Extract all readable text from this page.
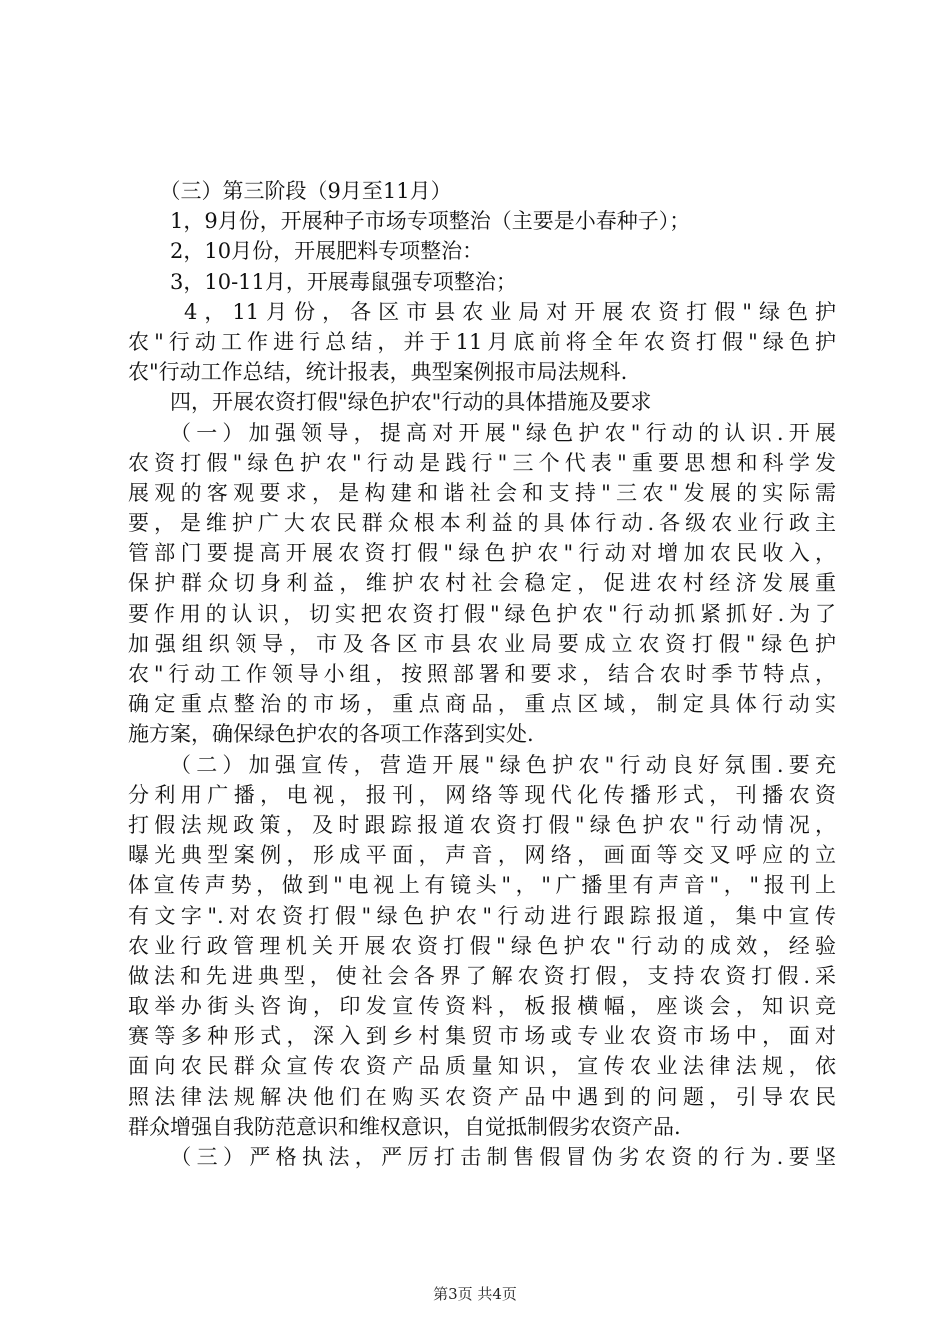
　　（三）第三阶段（9月至11月）
　　1，9月份，开展种子市场专项整治（主要是小春种子）；
　　2，10月份，开展肥料专项整治：
　　3，10-11月，开展毒鼠强专项整治；
　　4，11月份，各区市县农业局对开展农资打假"绿色护
农"行动工作进行总结，并于11月底前将全年农资打假"绿色护
农"行动工作总结，统计报表，典型案例报市局法规科.
　　四，开展农资打假"绿色护农"行动的具体措施及要求
　　（一）加强领导，提高对开展"绿色护农"行动的认识.开展
农资打假"绿色护农"行动是践行"三个代表"重要思想和科学发
展观的客观要求，是构建和谐社会和支持"三农"发展的实际需
要，是维护广大农民群众根本利益的具体行动.各级农业行政主
管部门要提高开展农资打假"绿色护农"行动对增加农民收入，
保护群众切身利益，维护农村社会稳定，促进农村经济发展重
要作用的认识，切实把农资打假"绿色护农"行动抓紧抓好.为了
加强组织领导，市及各区市县农业局要成立农资打假"绿色护
农"行动工作领导小组，按照部署和要求，结合农时季节特点，
确定重点整治的市场，重点商品，重点区域，制定具体行动实
施方案，确保绿色护农的各项工作落到实处.
　　（二）加强宣传，营造开展"绿色护农"行动良好氛围.要充
分利用广播，电视，报刊，网络等现代化传播形式，刊播农资
打假法规政策，及时跟踪报道农资打假"绿色护农"行动情况，
曝光典型案例，形成平面，声音，网络，画面等交叉呼应的立
体宣传声势，做到"电视上有镜头"，"广播里有声音"，"报刊上
有文字".对农资打假"绿色护农"行动进行跟踪报道，集中宣传
农业行政管理机关开展农资打假"绿色护农"行动的成效，经验
做法和先进典型，使社会各界了解农资打假，支持农资打假.采
取举办街头咨询，印发宣传资料，板报横幅，座谈会，知识竞
赛等多种形式，深入到乡村集贸市场或专业农资市场中，面对
面向农民群众宣传农资产品质量知识，宣传农业法律法规，依
照法律法规解决他们在购买农资产品中遇到的问题，引导农民
群众增强自我防范意识和维权意识，自觉抵制假劣农资产品.
　　（三）严格执法，严厉打击制售假冒伪劣农资的行为.要坚
第3页 共4页
